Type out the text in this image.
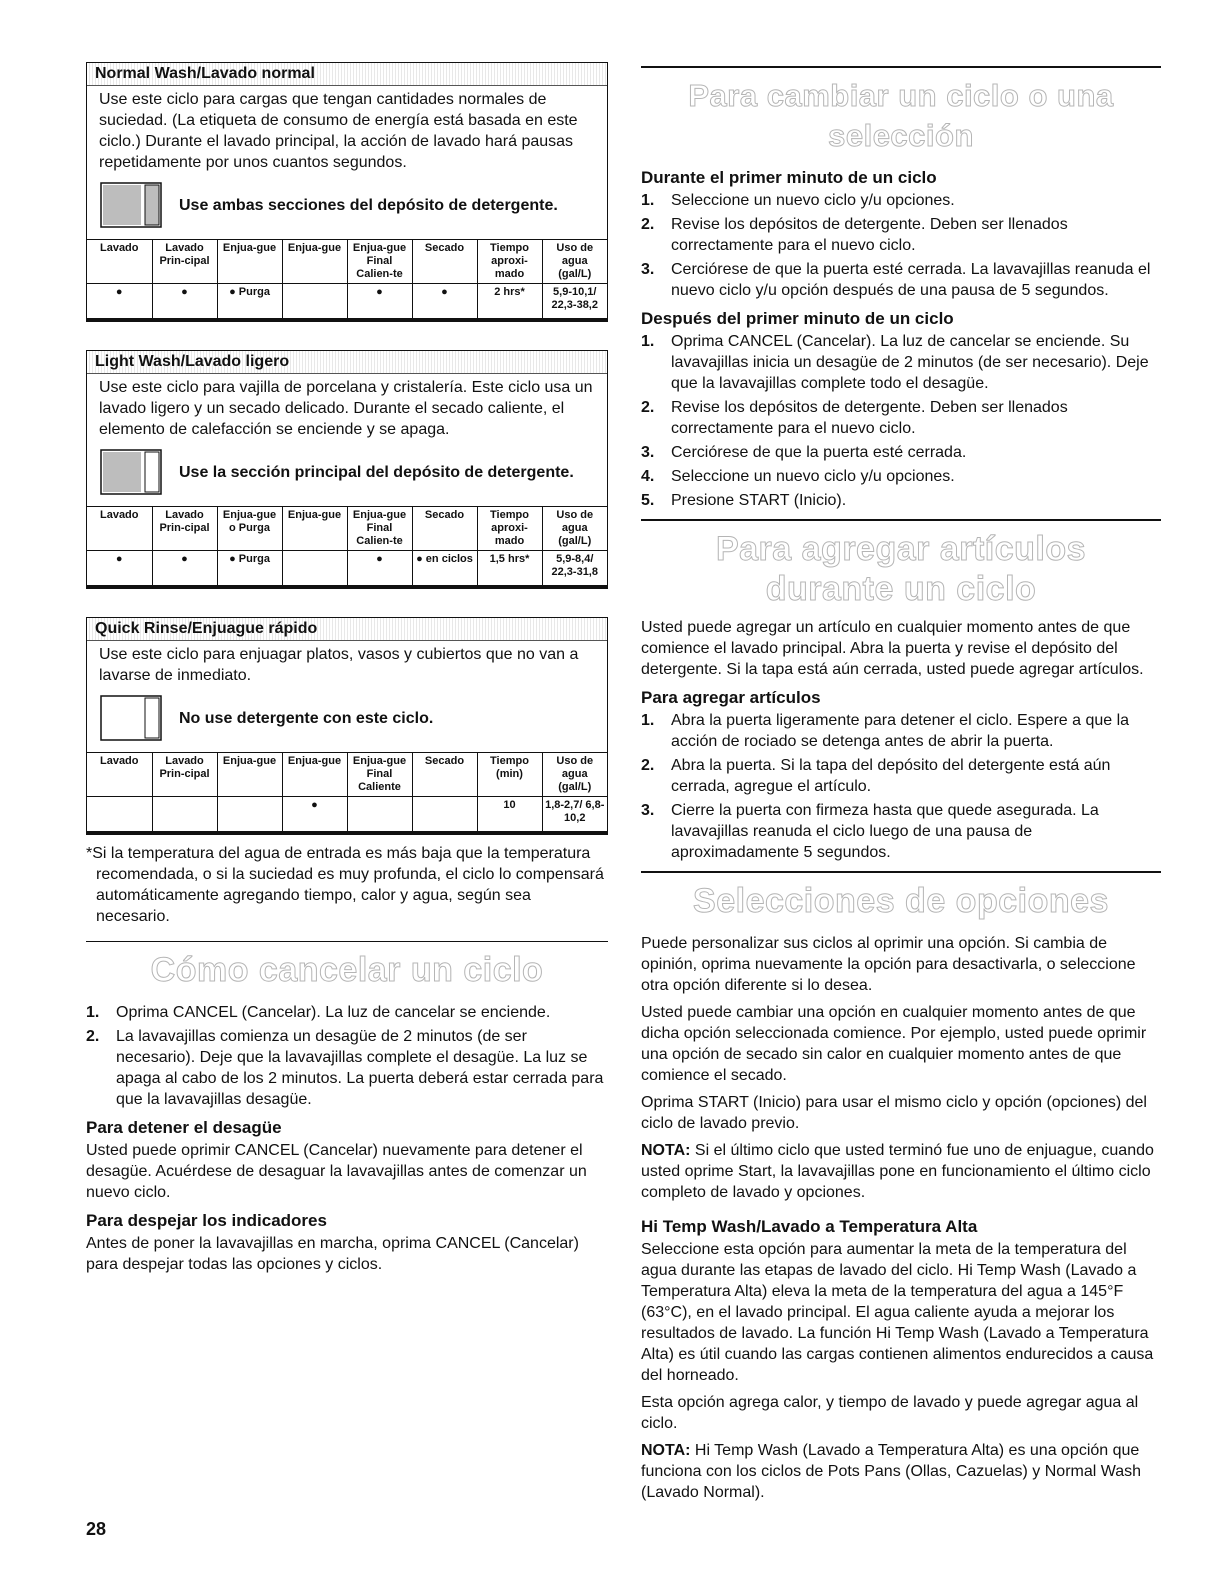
Normal Wash/Lavado normal

Use este ciclo para cargas que tengan cantidades normales de suciedad. (La etiqueta de consumo de energía está basada en este ciclo.) Durante el lavado principal, la acción de lavado hará pausas repetidamente por unos cuantos segundos.

Use ambas secciones del depósito de detergente.
Lavado	Lavado Prin-cipal	Enjua-gue	Enjua-gue	Enjua-gue Final Calien-te	Secado	Tiempo aproxi-mado	Uso de agua (gal/L)
●	●	● Purga		●	●	2 hrs*	5,9-10,1/ 22,3-38,2
Light Wash/Lavado ligero

Use este ciclo para vajilla de porcelana y cristalería. Este ciclo usa un lavado ligero y un secado delicado. Durante el secado caliente, el elemento de calefacción se enciende y se apaga.

Use la sección principal del depósito de detergente.
Lavado	Lavado Prin-cipal	Enjua-gue o Purga	Enjua-gue	Enjua-gue Final Calien-te	Secado	Tiempo aproxi-mado	Uso de agua (gal/L)
●	●	● Purga		●	● en ciclos	1,5 hrs*	5,9-8,4/ 22,3-31,8
Quick Rinse/Enjuague rápido

Use este ciclo para enjuagar platos, vasos y cubiertos que no van a lavarse de inmediato.

No use detergente con este ciclo.
Lavado	Lavado Prin-cipal	Enjua-gue	Enjua-gue	Enjua-gue Final Caliente	Secado	Tiempo (min)	Uso de agua (gal/L)
			●			10	1,8-2,7/ 6,8-10,2

*Si la temperatura del agua de entrada es más baja que la temperatura recomendada, o si la suciedad es muy profunda, el ciclo lo compensará automáticamente agregando tiempo, calor y agua, según sea necesario.

Cómo cancelar un ciclo
1. Oprima CANCEL (Cancelar). La luz de cancelar se enciende.
2. La lavavajillas comienza un desagüe de 2 minutos (de ser necesario). Deje que la lavavajillas complete el desagüe. La luz se apaga al cabo de los 2 minutos. La puerta deberá estar cerrada para que la lavavajillas desagüe.
Para detener el desagüe

Usted puede oprimir CANCEL (Cancelar) nuevamente para detener el desagüe. Acuérdese de desaguar la lavavajillas antes de comenzar un nuevo ciclo.

Para despejar los indicadores

Antes de poner la lavavajillas en marcha, oprima CANCEL (Cancelar) para despejar todas las opciones y ciclos.

Para cambiar un ciclo o una selección
Durante el primer minuto de un ciclo
1. Seleccione un nuevo ciclo y/u opciones.
2. Revise los depósitos de detergente. Deben ser llenados correctamente para el nuevo ciclo.
3. Cerciórese de que la puerta esté cerrada. La lavavajillas reanuda el nuevo ciclo y/u opción después de una pausa de 5 segundos.
Después del primer minuto de un ciclo
1. Oprima CANCEL (Cancelar). La luz de cancelar se enciende. Su lavavajillas inicia un desagüe de 2 minutos (de ser necesario). Deje que la lavavajillas complete todo el desagüe.
2. Revise los depósitos de detergente. Deben ser llenados correctamente para el nuevo ciclo.
3. Cerciórese de que la puerta esté cerrada.
4. Seleccione un nuevo ciclo y/u opciones.
5. Presione START (Inicio).
Para agregar artículos
durante un ciclo

Usted puede agregar un artículo en cualquier momento antes de que comience el lavado principal. Abra la puerta y revise el depósito del detergente. Si la tapa está aún cerrada, usted puede agregar artículos.

Para agregar artículos
1. Abra la puerta ligeramente para detener el ciclo. Espere a que la acción de rociado se detenga antes de abrir la puerta.
2. Abra la puerta. Si la tapa del depósito del detergente está aún cerrada, agregue el artículo.
3. Cierre la puerta con firmeza hasta que quede asegurada. La lavavajillas reanuda el ciclo luego de una pausa de aproximadamente 5 segundos.
Selecciones de opciones

Puede personalizar sus ciclos al oprimir una opción. Si cambia de opinión, oprima nuevamente la opción para desactivarla, o seleccione otra opción diferente si lo desea.

Usted puede cambiar una opción en cualquier momento antes de que dicha opción seleccionada comience. Por ejemplo, usted puede oprimir una opción de secado sin calor en cualquier momento antes de que comience el secado.

Oprima START (Inicio) para usar el mismo ciclo y opción (opciones) del ciclo de lavado previo.

NOTA: Si el último ciclo que usted terminó fue uno de enjuague, cuando usted oprime Start, la lavavajillas pone en funcionamiento el último ciclo completo de lavado y opciones.

Hi Temp Wash/Lavado a Temperatura Alta

Seleccione esta opción para aumentar la meta de la temperatura del agua durante las etapas de lavado del ciclo. Hi Temp Wash (Lavado a Temperatura Alta) eleva la meta de la temperatura del agua a 145°F (63°C), en el lavado principal. El agua caliente ayuda a mejorar los resultados de lavado. La función Hi Temp Wash (Lavado a Temperatura Alta) es útil cuando las cargas contienen alimentos endurecidos a causa del horneado.

Esta opción agrega calor, y tiempo de lavado y puede agregar agua al ciclo.

NOTA: Hi Temp Wash (Lavado a Temperatura Alta) es una opción que funciona con los ciclos de Pots Pans (Ollas, Cazuelas) y Normal Wash (Lavado Normal).

28
